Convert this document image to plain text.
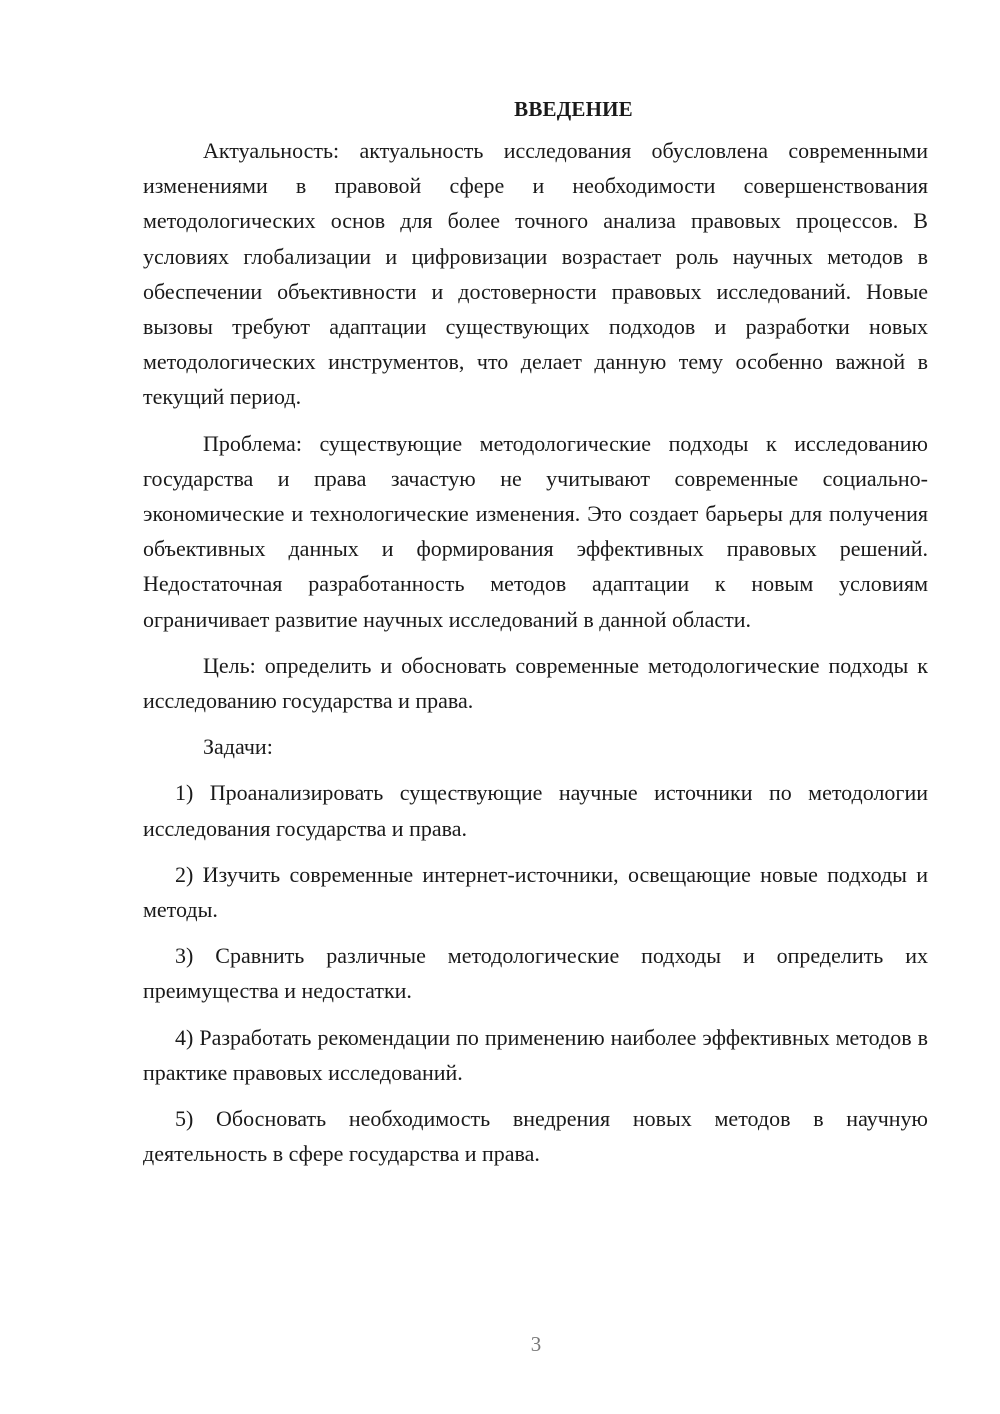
ВВЕДЕНИЕ

Актуальность: актуальность исследования обусловлена современными изменениями в правовой сфере и необходимости совершенствования методологических основ для более точного анализа правовых процессов. В условиях глобализации и цифровизации возрастает роль научных методов в обеспечении объективности и достоверности правовых исследований. Новые вызовы требуют адаптации существующих подходов и разработки новых методологических инструментов, что делает данную тему особенно важной в текущий период.

Проблема: существующие методологические подходы к исследованию государства и права зачастую не учитывают современные социально-экономические и технологические изменения. Это создает барьеры для получения объективных данных и формирования эффективных правовых решений. Недостаточная разработанность методов адаптации к новым условиям ограничивает развитие научных исследований в данной области.

Цель: определить и обосновать современные методологические подходы к исследованию государства и права.

Задачи:

1) Проанализировать существующие научные источники по методологии исследования государства и права.

2) Изучить современные интернет-источники, освещающие новые подходы и методы.

3) Сравнить различные методологические подходы и определить их преимущества и недостатки.

4) Разработать рекомендации по применению наиболее эффективных методов в практике правовых исследований.

5) Обосновать необходимость внедрения новых методов в научную деятельность в сфере государства и права.

3
